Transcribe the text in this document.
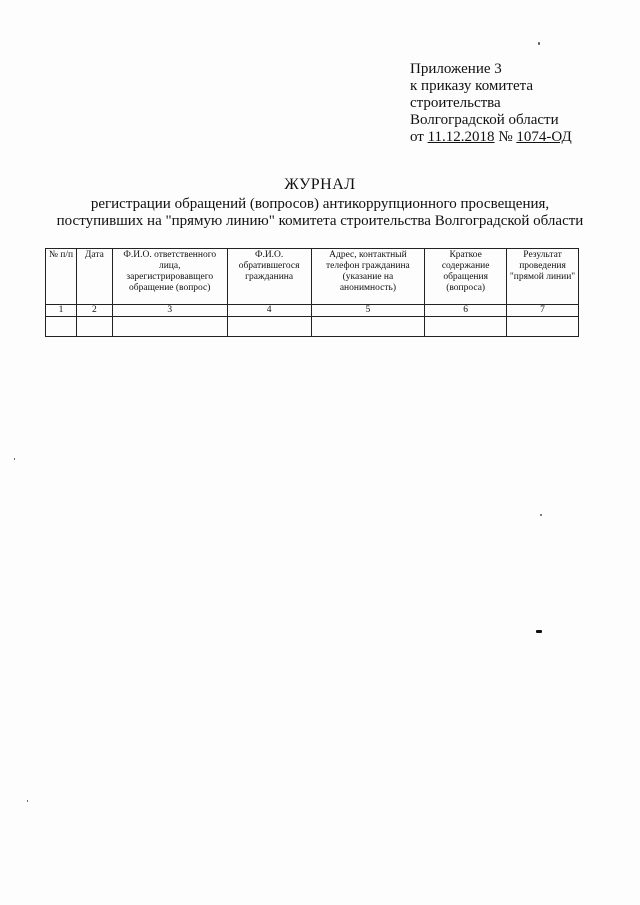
Приложение 3
к приказу комитета
строительства
Волгоградской области
от 11.12.2018 № 1074-ОД
ЖУРНАЛ
регистрации обращений (вопросов) антикоррупционного просвещения,
поступивших на "прямую линию" комитета строительства Волгоградской области
№ п/п	Дата	Ф.И.О. ответственного лица, зарегистрировавщего обращение (вопрос)	Ф.И.О. обратившегося гражданина	Адрес, контактный телефон гражданина (указание на анонимность)	Краткое содержание обращения (вопроса)	Результат проведения "прямой линии"
1	2	3	4	5	6	7
